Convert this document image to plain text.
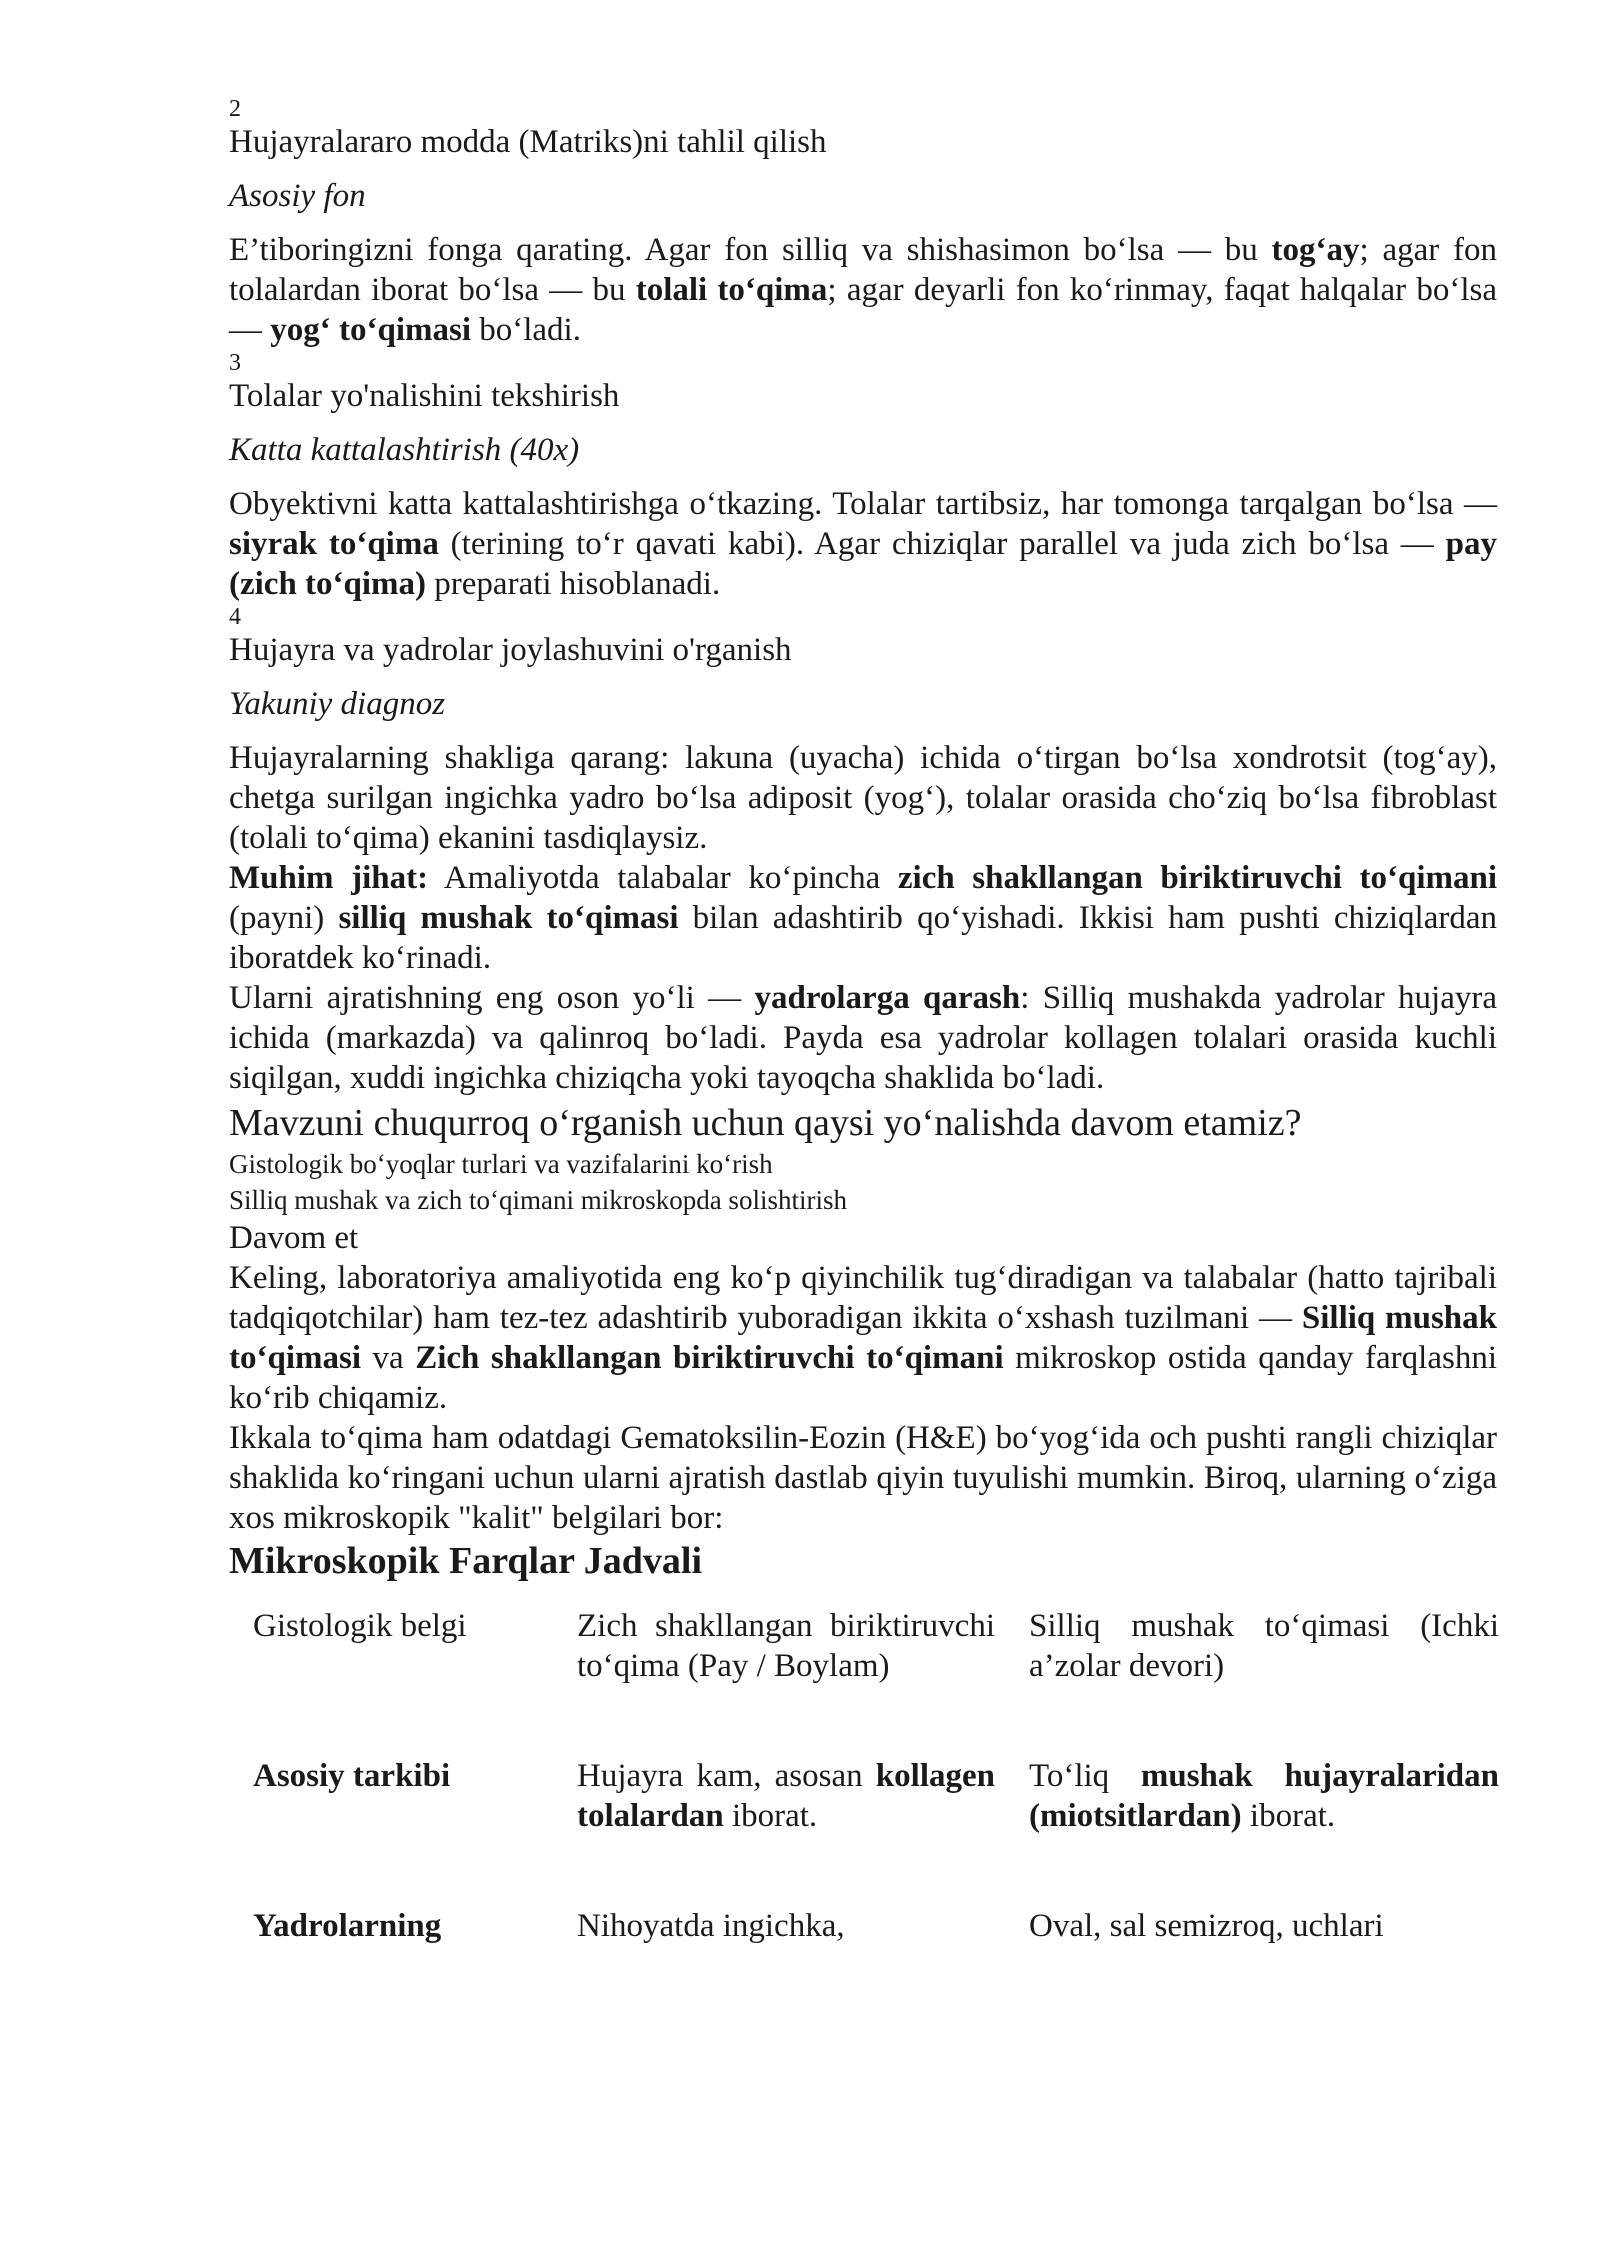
2

Hujayralararo modda (Matriks)ni tahlil qilish

Asosiy fon

E’tiboringizni fonga qarating. Agar fon silliq va shishasimon bo‘lsa — bu tog‘ay; agar fon tolalardan iborat bo‘lsa — bu tolali to‘qima; agar deyarli fon ko‘rinmay, faqat halqalar bo‘lsa — yog‘ to‘qimasi bo‘ladi.

3

Tolalar yo'nalishini tekshirish

Katta kattalashtirish (40x)

Obyektivni katta kattalashtirishga o‘tkazing. Tolalar tartibsiz, har tomonga tarqalgan bo‘lsa — siyrak to‘qima (terining to‘r qavati kabi). Agar chiziqlar parallel va juda zich bo‘lsa — pay (zich to‘qima) preparati hisoblanadi.

4

Hujayra va yadrolar joylashuvini o'rganish

Yakuniy diagnoz

Hujayralarning shakliga qarang: lakuna (uyacha) ichida o‘tirgan bo‘lsa xondrotsit (tog‘ay), chetga surilgan ingichka yadro bo‘lsa adiposit (yog‘), tolalar orasida cho‘ziq bo‘lsa fibroblast (tolali to‘qima) ekanini tasdiqlaysiz.

Muhim jihat: Amaliyotda talabalar ko‘pincha zich shakllangan biriktiruvchi to‘qimani (payni) silliq mushak to‘qimasi bilan adashtirib qo‘yishadi. Ikkisi ham pushti chiziqlardan iboratdek ko‘rinadi.

Ularni ajratishning eng oson yo‘li — yadrolarga qarash: Silliq mushakda yadrolar hujayra ichida (markazda) va qalinroq bo‘ladi. Payda esa yadrolar kollagen tolalari orasida kuchli siqilgan, xuddi ingichka chiziqcha yoki tayoqcha shaklida bo‘ladi.

Mavzuni chuqurroq o‘rganish uchun qaysi yo‘nalishda davom etamiz?

Gistologik bo‘yoqlar turlari va vazifalarini ko‘rish

Silliq mushak va zich to‘qimani mikroskopda solishtirish

Davom et

Keling, laboratoriya amaliyotida eng ko‘p qiyinchilik tug‘diradigan va talabalar (hatto tajribali tadqiqotchilar) ham tez-tez adashtirib yuboradigan ikkita o‘xshash tuzilmani — Silliq mushak to‘qimasi va Zich shakllangan biriktiruvchi to‘qimani mikroskop ostida qanday farqlashni ko‘rib chiqamiz.

Ikkala to‘qima ham odatdagi Gematoksilin-Eozin (H&E) bo‘yog‘ida och pushti rangli chiziqlar shaklida ko‘ringani uchun ularni ajratish dastlab qiyin tuyulishi mumkin. Biroq, ularning o‘ziga xos mikroskopik "kalit" belgilari bor:

Mikroskopik Farqlar Jadvali

Gistologik belgi	Zich shakllangan biriktiruvchi to‘qima (Pay / Boylam)	Silliq mushak to‘qimasi (Ichki a’zolar devori)
Asosiy tarkibi	Hujayra kam, asosan kollagen tolalardan iborat.	To‘liq mushak hujayralaridan (miotsitlardan) iborat.
Yadrolarning	Nihoyatda ingichka,	Oval, sal semizroq, uchlari
